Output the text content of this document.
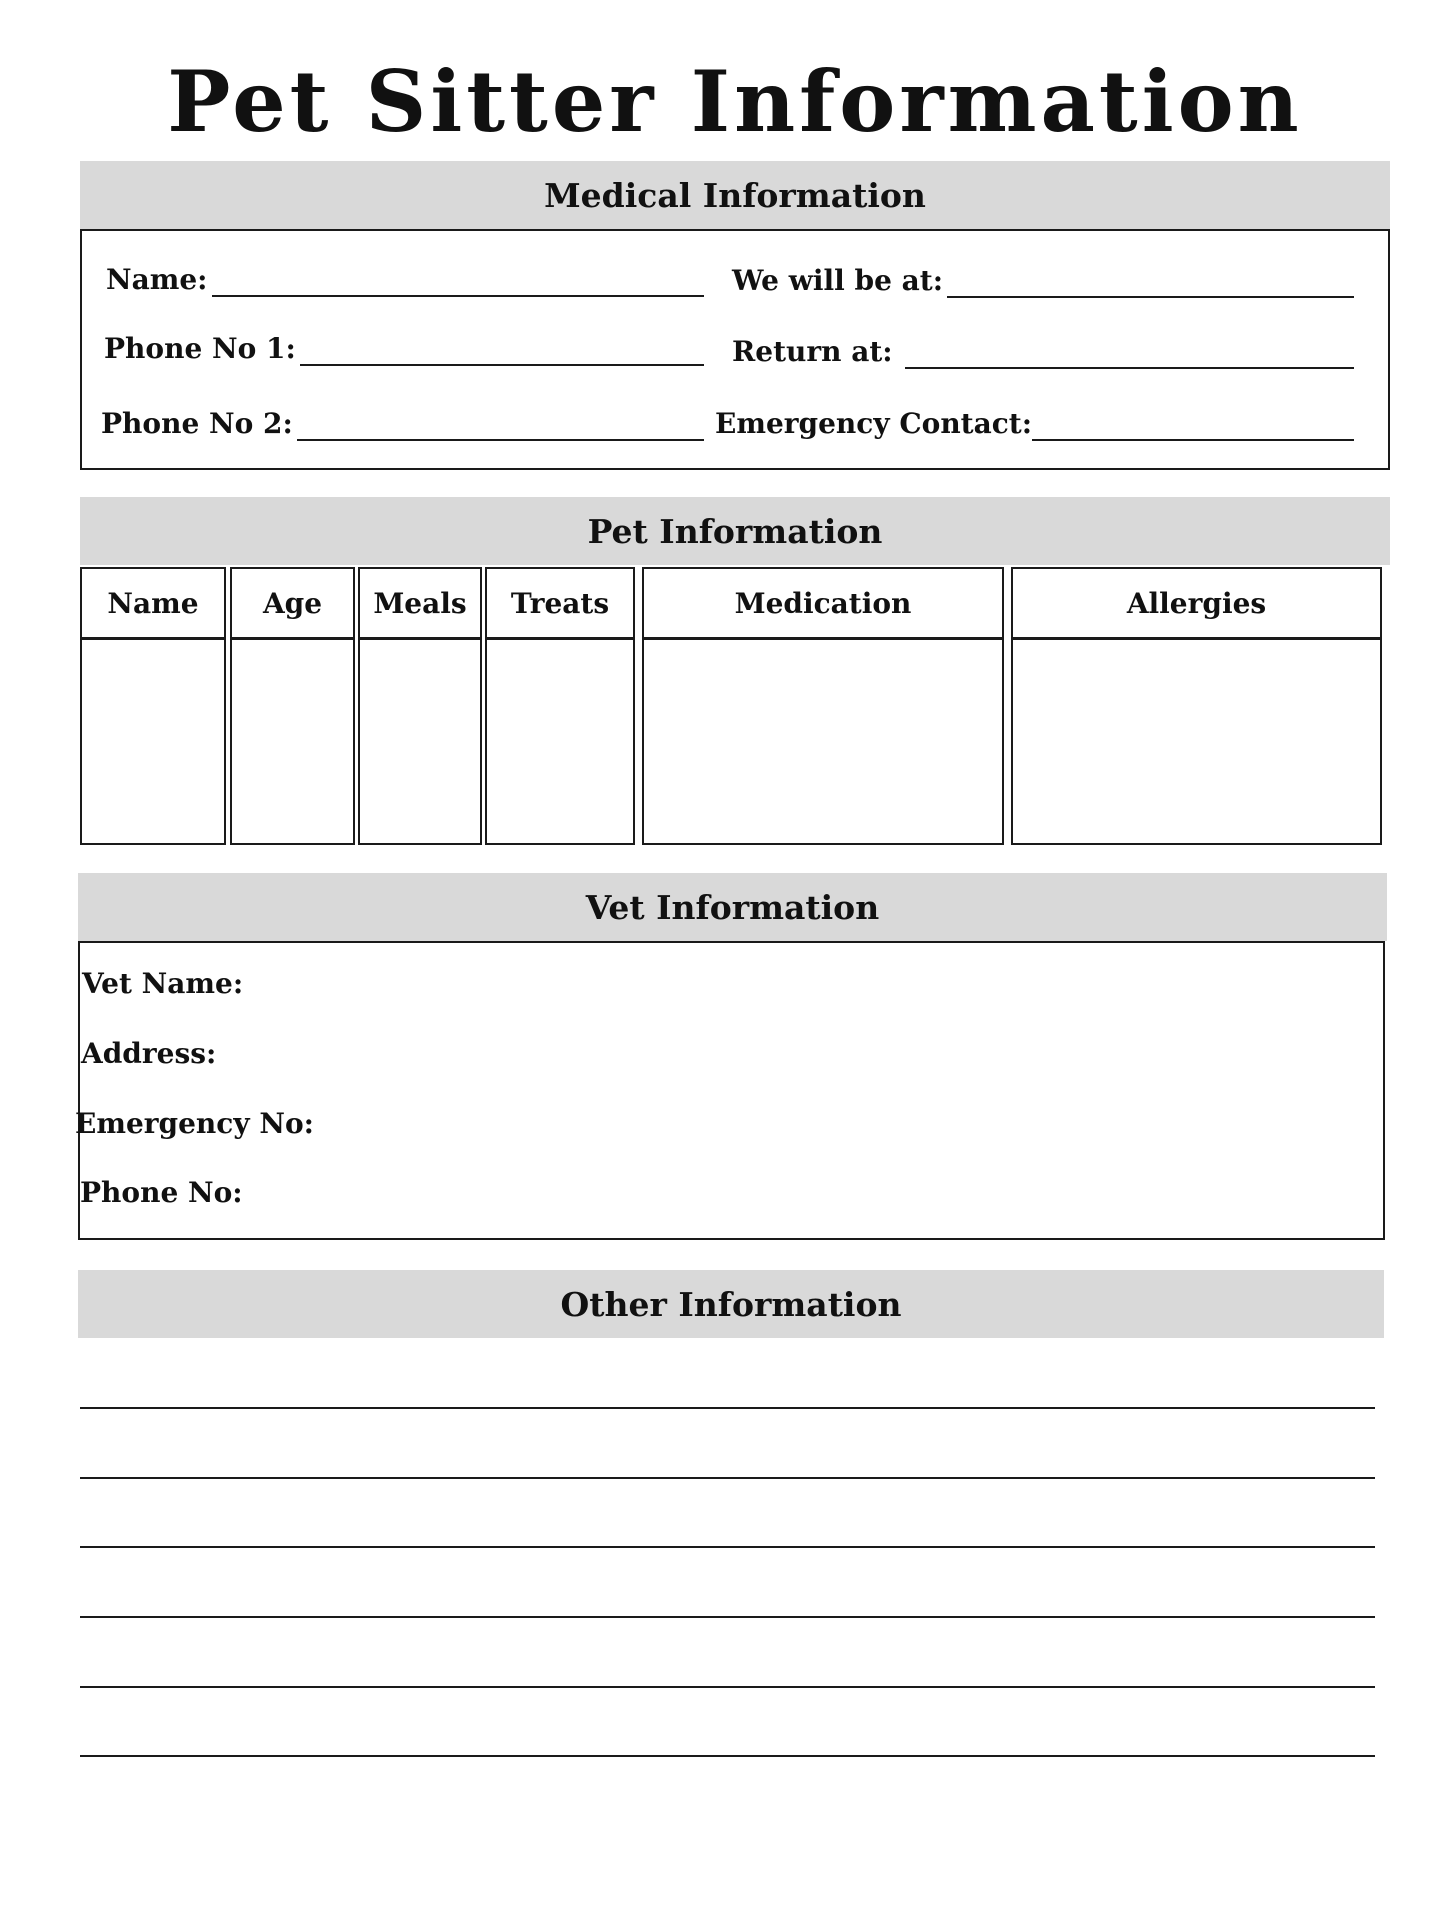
Pet Sitter Information
Medical Information
Name:
Phone No 1:
Phone No 2:
We will be at:
Return at:
Emergency Contact:
Pet Information
Name Age Meals Treats	Medication	Allergies
Vet Information
Vet Name:
Address:
Emergency No:
Phone No:
Other Information
